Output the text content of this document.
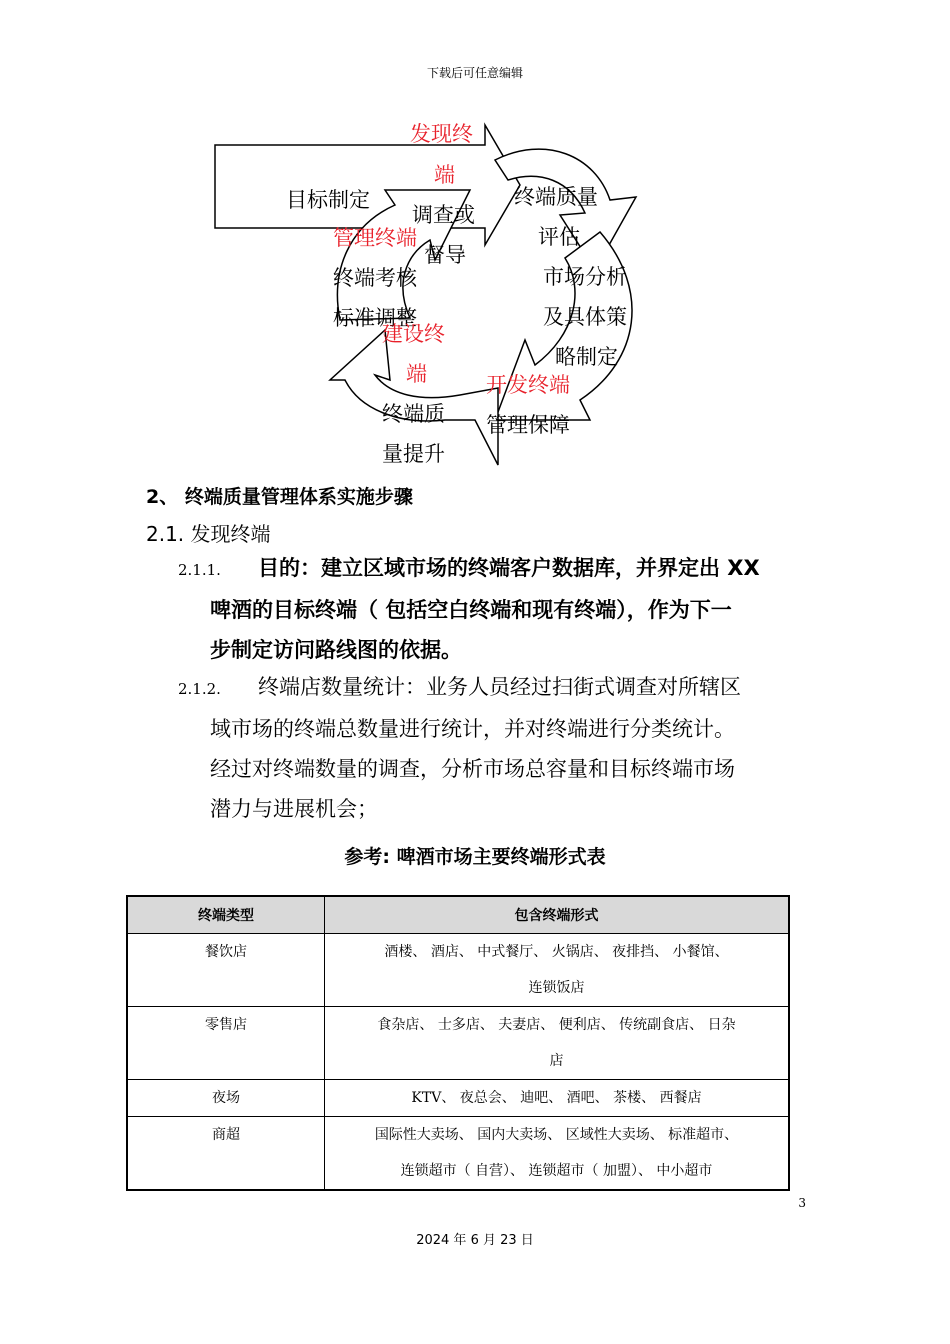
下载后可任意编辑
目标制定
发现终
端
调查或
督导
终端质量
评估
市场分析
及具体策
略制定
开发终端
管理保障
终端质
量提升
管理终端
终端考核
标准调整
建设终
端
2、 终端质量管理体系实施步骤
2.1. 发现终端
2.1.1. 目的：建立区域市场的终端客户数据库，并界定出 XX
啤酒的目标终端（ 包括空白终端和现有终端），作为下一
步制定访问路线图的依据。
2.1.2. 终端店数量统计：业务人员经过扫街式调查对所辖区
域市场的终端总数量进行统计，并对终端进行分类统计。
经过对终端数量的调查，分析市场总容量和目标终端市场
潜力与进展机会；
参考: 啤酒市场主要终端形式表
终端类型	包含终端形式
餐饮店	酒楼、 酒店、 中式餐厅、 火锅店、 夜排挡、 小餐馆、
连锁饭店

零售店	食杂店、 士多店、 夫妻店、 便利店、 传统副食店、 日杂
店

夜场	KTV、 夜总会、 迪吧、 酒吧、 茶楼、 西餐店

商超	国际性大卖场、 国内大卖场、 区域性大卖场、 标准超市、
连锁超市（ 自营）、 连锁超市（ 加盟）、 中小超市
3
2024 年 6 月 23 日
